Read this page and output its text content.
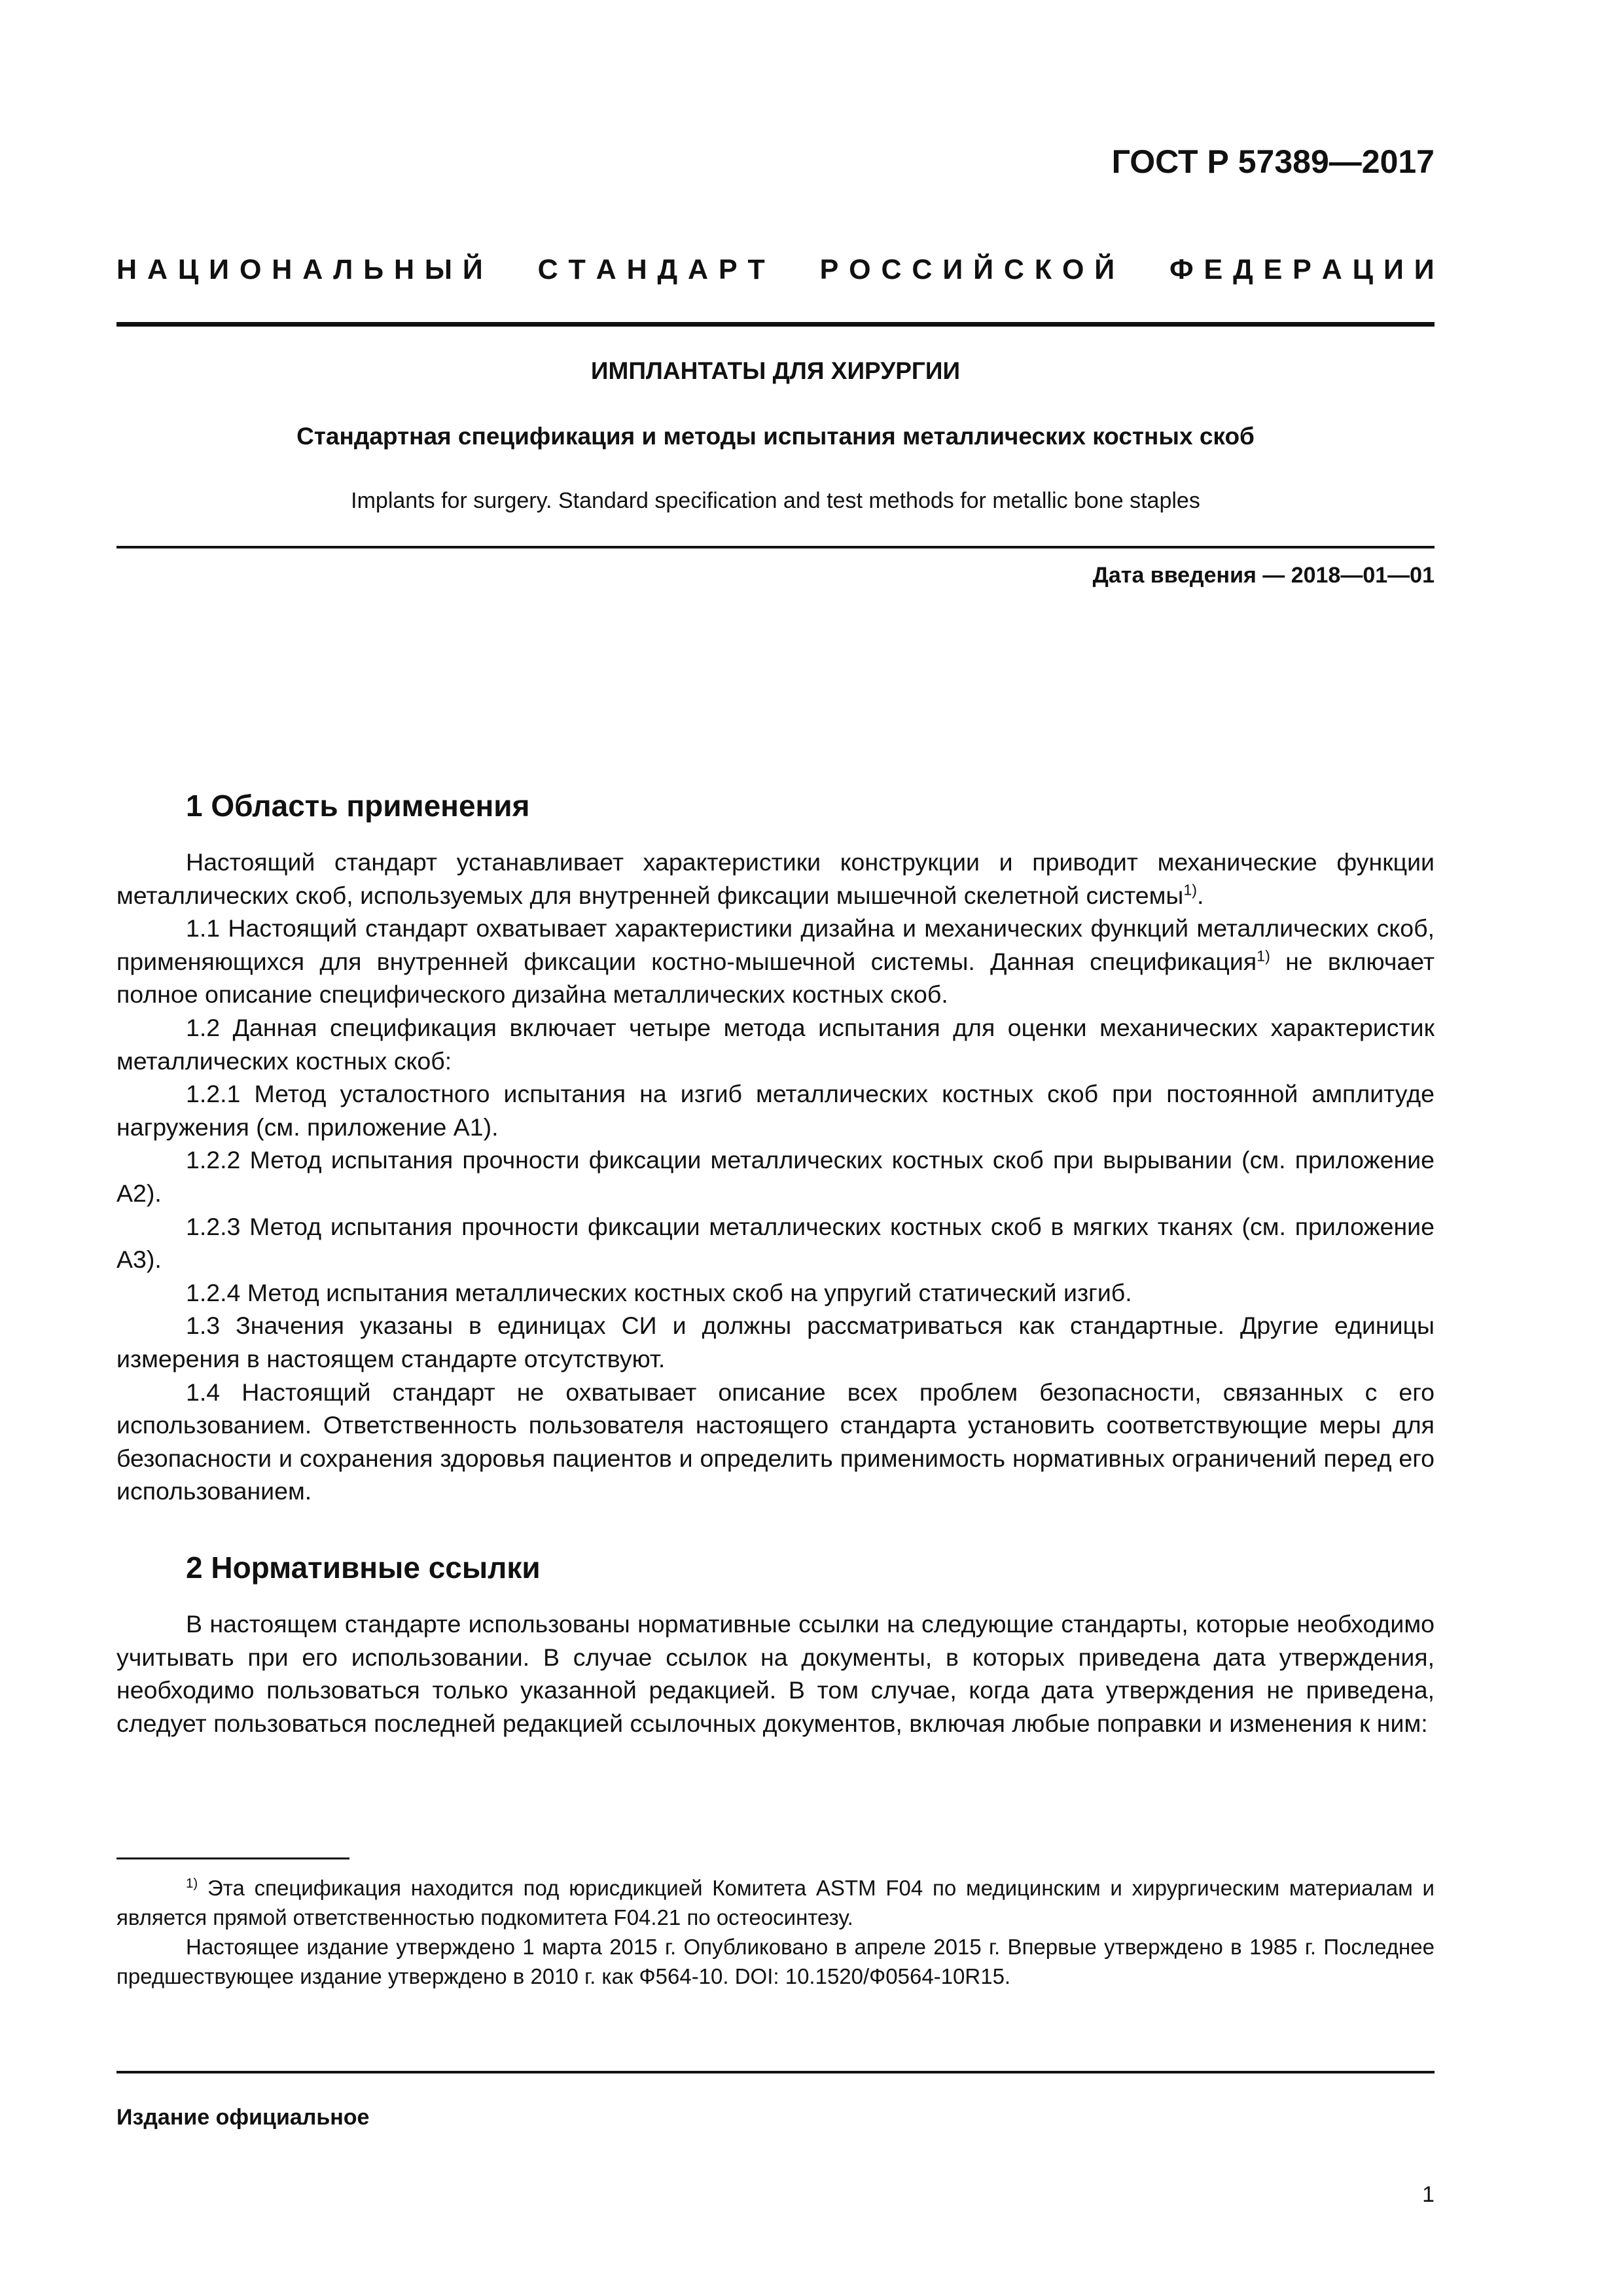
ГОСТ Р 57389—2017
Н А Ц И О Н А Л Ь Н Ы Й С Т А Н Д А Р Т Р О С С И Й С К О Й Ф Е Д Е Р А Ц И И
ИМПЛАНТАТЫ ДЛЯ ХИРУРГИИ
Стандартная спецификация и методы испытания металлических костных скоб
Implants for surgery. Standard specification and test methods for metallic bone staples
Дата введения — 2018—01—01
1 Область применения

Настоящий стандарт устанавливает характеристики конструкции и приводит механические функции металлических скоб, используемых для внутренней фиксации мышечной скелетной системы$^{1)}$.

1.1 Настоящий стандарт охватывает характеристики дизайна и механических функций металлических скоб, применяющихся для внутренней фиксации костно-мышечной системы. Данная спецификация$^{1)}$ не включает полное описание специфического дизайна металлических костных скоб.

1.2 Данная спецификация включает четыре метода испытания для оценки механических характеристик металлических костных скоб:

1.2.1 Метод усталостного испытания на изгиб металлических костных скоб при постоянной амплитуде нагружения (см. приложение А1).

1.2.2 Метод испытания прочности фиксации металлических костных скоб при вырывании (см. приложение А2).

1.2.3 Метод испытания прочности фиксации металлических костных скоб в мягких тканях (см. приложение А3).

1.2.4 Метод испытания металлических костных скоб на упругий статический изгиб.

1.3 Значения указаны в единицах СИ и должны рассматриваться как стандартные. Другие единицы измерения в настоящем стандарте отсутствуют.

1.4 Настоящий стандарт не охватывает описание всех проблем безопасности, связанных с его использованием. Ответственность пользователя настоящего стандарта установить соответствующие меры для безопасности и сохранения здоровья пациентов и определить применимость нормативных ограничений перед его использованием.

2 Нормативные ссылки

В настоящем стандарте использованы нормативные ссылки на следующие стандарты, которые необходимо учитывать при его использовании. В случае ссылок на документы, в которых приведена дата утверждения, необходимо пользоваться только указанной редакцией. В том случае, когда дата утверждения не приведена, следует пользоваться последней редакцией ссылочных документов, включая любые поправки и изменения к ним:

$^{1)}$ Эта спецификация находится под юрисдикцией Комитета ASTM F04 по медицинским и хирургическим материалам и является прямой ответственностью подкомитета F04.21 по остеосинтезу.

Настоящее издание утверждено 1 марта 2015 г. Опубликовано в апреле 2015 г. Впервые утверждено в 1985 г. Последнее предшествующее издание утверждено в 2010 г. как Ф564-10. DOI: 10.1520/Ф0564-10R15.

Издание официальное
1
